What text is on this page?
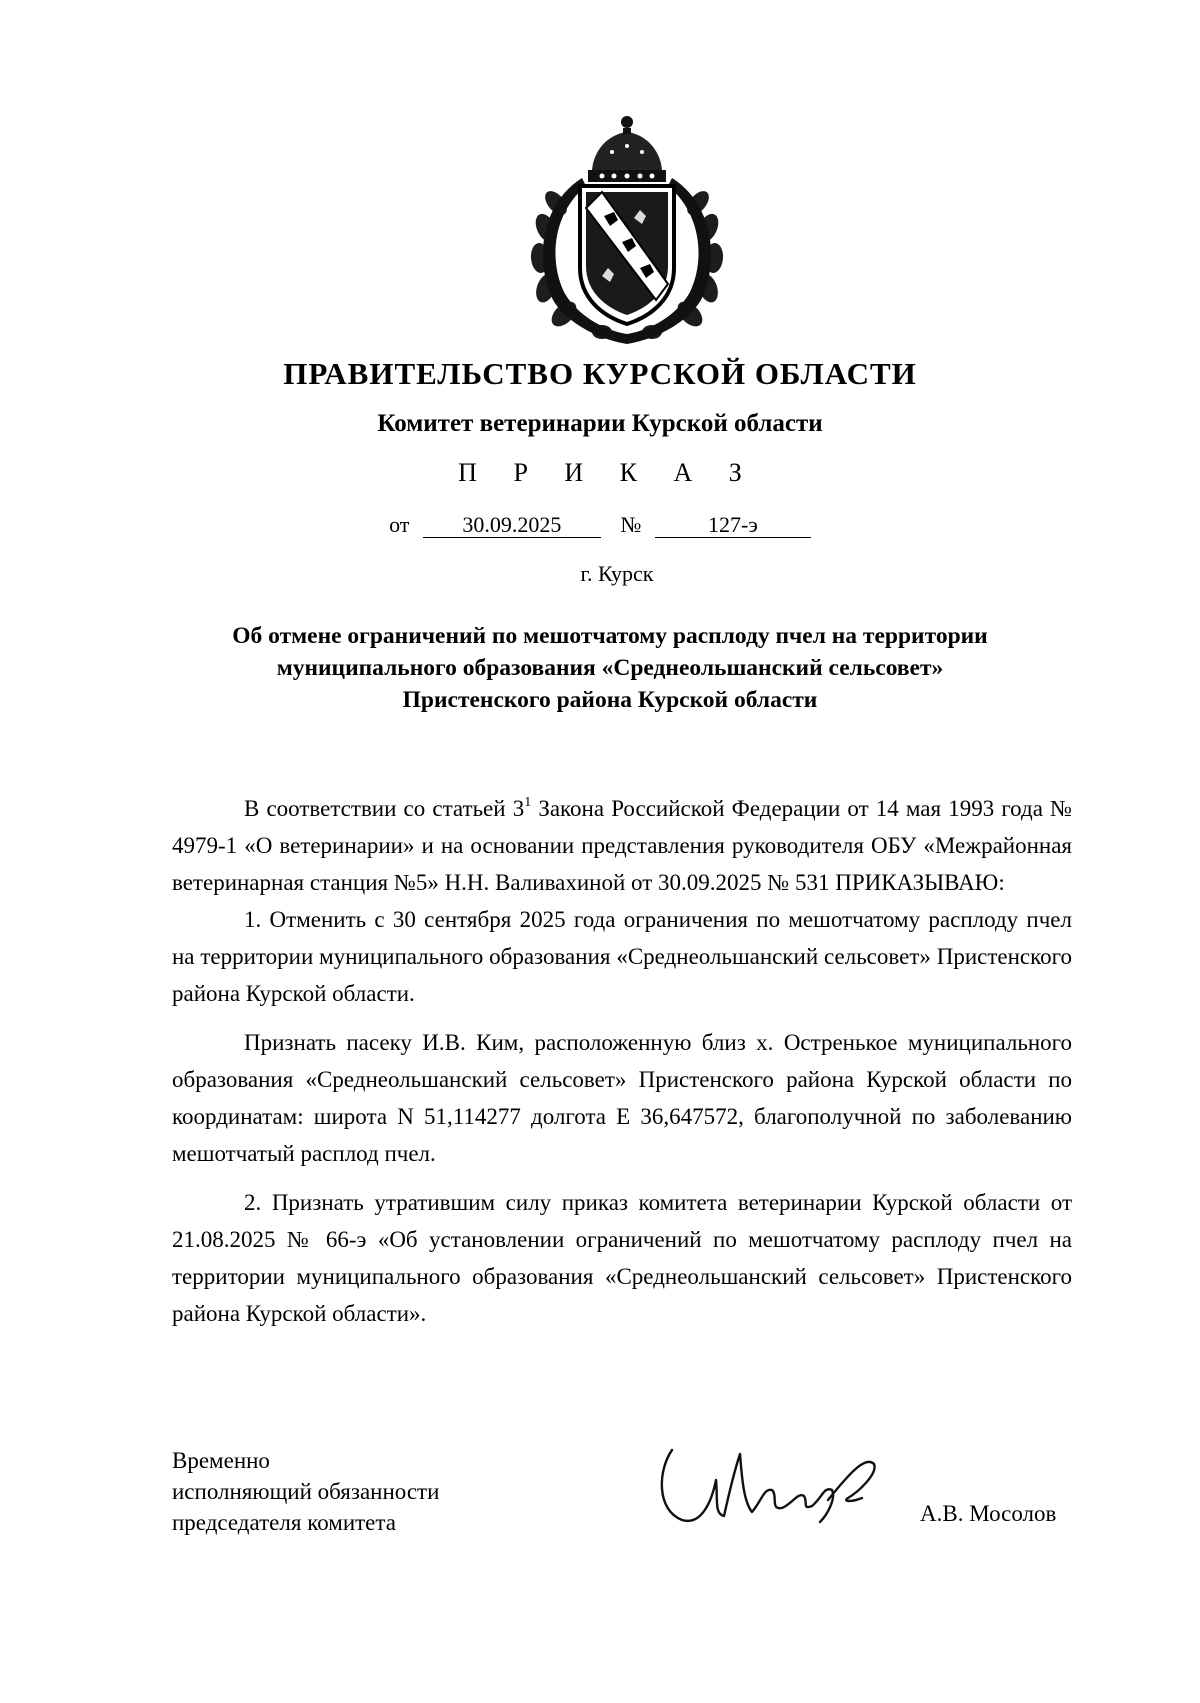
ПРАВИТЕЛЬСТВО КУРСКОЙ ОБЛАСТИ
Комитет ветеринарии Курской области
П Р И К А З
от 30.09.2025	№	127-э
г. Курск
Об отмене ограничений по мешотчатому расплоду пчел на территории
муниципального образования «Среднеольшанский сельсовет»
Пристенского района Курской области

В соответствии со статьей $3^1$ Закона Российской Федерации от 14 мая 1993 года № 4979-1 «О ветеринарии» и на основании представления руководителя ОБУ «Межрайонная ветеринарная станция №5» Н.Н. Валивахиной от 30.09.2025 № 531 ПРИКАЗЫВАЮ:

1. Отменить с 30 сентября 2025 года ограничения по мешотчатому расплоду пчел на территории муниципального образования «Среднеольшанский сельсовет» Пристенского района Курской области.

Признать пасеку И.В. Ким, расположенную близ х. Остренькое муниципального образования «Среднеольшанский сельсовет» Пристенского района Курской области по координатам: широта N 51,114277 долгота E 36,647572, благополучной по заболеванию мешотчатый расплод пчел.

2. Признать утратившим силу приказ комитета ветеринарии Курской области от 21.08.2025 № 66-э «Об установлении ограничений по мешотчатому расплоду пчел на территории муниципального образования «Среднеольшанский сельсовет» Пристенского района Курской области».

Временно
исполняющий обязанности
председателя комитета	А.В. Мосолов
